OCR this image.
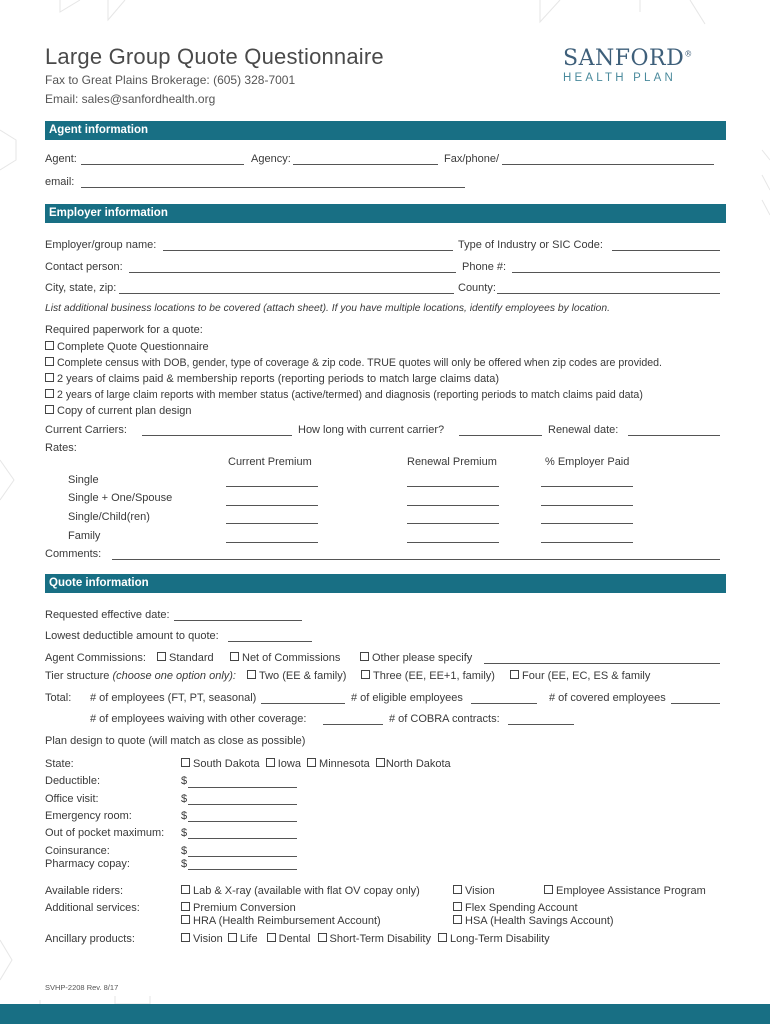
Large Group Quote Questionnaire
Fax to Great Plains Brokerage: (605) 328-7001
Email: sales@sanfordhealth.org
SANFORD®
HEALTH PLAN
Agent information
Agent:	Agency:	Fax/phone/
email:
Employer information
Employer/group name:	Type of Industry or SIC Code:
Contact person:	Phone #:
City, state, zip:	County:
List additional business locations to be covered (attach sheet). If you have multiple locations, identify employees by location.
Required paperwork for a quote:
Complete Quote Questionnaire
Complete census with DOB, gender, type of coverage & zip code. TRUE quotes will only be offered when zip codes are provided.
2 years of claims paid & membership reports (reporting periods to match large claims data)
2 years of large claim reports with member status (active/termed) and diagnosis (reporting periods to match claims paid data)
Copy of current plan design
Current Carriers:	How long with current carrier?	Renewal date:
Rates:
Current Premium	Renewal Premium	% Employer Paid
Single
Single + One/Spouse
Single/Child(ren)
Family
Comments:
Quote information
Requested effective date:
Lowest deductible amount to quote:
Agent Commissions:	Standard	Net of Commissions	Other please specify
Tier structure (choose one option only):	Two (EE & family)	Three (EE, EE+1, family)	Four (EE, EC, ES & family
Total: # of employees (FT, PT, seasonal)	# of eligible employees	# of covered employees
# of employees waiving with other coverage:	# of COBRA contracts:
Plan design to quote (will match as close as possible)
State:	South Dakota Iowa Minnesota North Dakota
Deductible:	$
Office visit:	$
Emergency room:	$
Out of pocket maximum: $
Coinsurance:	$
Pharmacy copay:	$
Available riders:	Lab & X-ray (available with flat OV copay only)	Vision	Employee Assistance Program
Additional services:	Premium Conversion	Flex Spending Account
HRA (Health Reimbursement Account)	HSA (Health Savings Account)
Ancillary products:	Vision Life Dental Short-Term Disability Long-Term Disability
SVHP-2208 Rev. 8/17
